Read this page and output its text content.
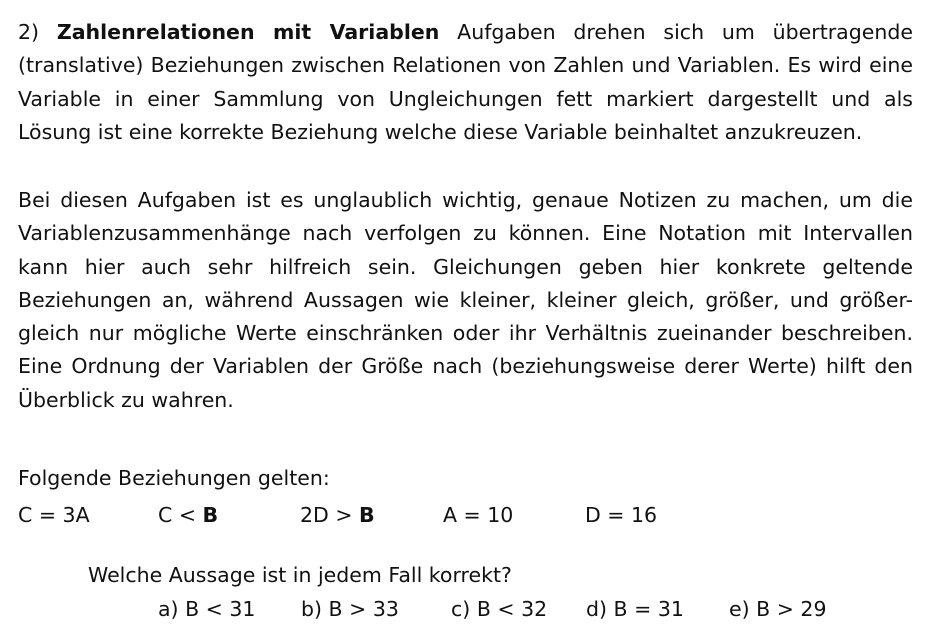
2) Zahlenrelationen mit Variablen Aufgaben drehen sich um übertragende (translative) Beziehungen zwischen Relationen von Zahlen und Variablen. Es wird eine Variable in einer Sammlung von Ungleichungen fett markiert dargestellt und als Lösung ist eine korrekte Beziehung welche diese Variable beinhaltet anzukreuzen.

Bei diesen Aufgaben ist es unglaublich wichtig, genaue Notizen zu machen, um die Variablenzusammenhänge nach verfolgen zu können. Eine Notation mit Intervallen kann hier auch sehr hilfreich sein. Gleichungen geben hier konkrete geltende Beziehungen an, während Aussagen wie kleiner, kleiner gleich, größer, und größer-gleich nur mögliche Werte einschränken oder ihr Verhältnis zueinander beschreiben. Eine Ordnung der Variablen der Größe nach (beziehungsweise derer Werte) hilft den Überblick zu wahren.

Folgende Beziehungen gelten:
C = 3A	C < B	2D > B	A = 10	D = 16
Welche Aussage ist in jedem Fall korrekt?
a) B < 31 b) B > 33	c) B < 32 d) B = 31 e) B > 29
